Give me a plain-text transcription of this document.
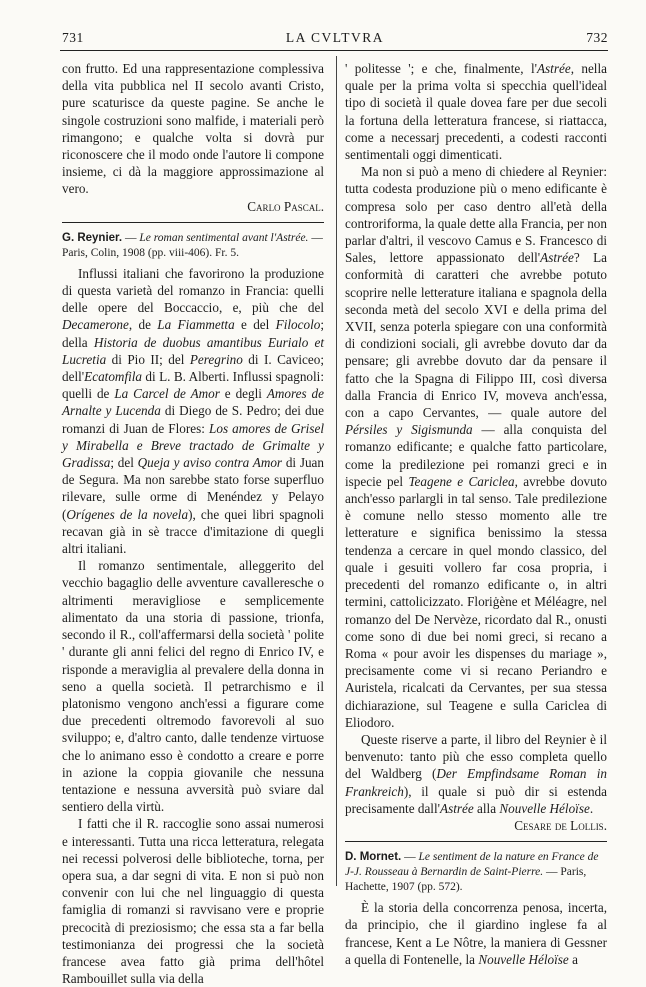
731	LA CVLTVRA	732

con frutto. Ed una rappresentazione complessiva della vita pubblica nel II secolo avanti Cristo, pure scaturisce da queste pagine. Se anche le singole costruzioni sono malfide, i materiali però rimangono; e qualche volta si dovrà pur riconoscere che il modo onde l'autore li compone insieme, ci dà la maggiore approssimazione al vero.

Carlo Pascal.

G. Reynier. — Le roman sentimental avant l'Astrée. — Paris, Colin, 1908 (pp. viii-406). Fr. 5.

Influssi italiani che favorirono la produzione di questa varietà del romanzo in Francia: quelli delle opere del Boccaccio, e, più che del Decamerone, de La Fiammetta e del Filocolo; della Historia de duobus amantibus Eurialo et Lucretia di Pio II; del Peregrino di I. Caviceo; dell'Ecatomfila di L. B. Alberti. Influssi spagnoli: quelli de La Carcel de Amor e degli Amores de Arnalte y Lucenda di Diego de S. Pedro; dei due romanzi di Juan de Flores: Los amores de Grisel y Mirabella e Breve tractado de Grimalte y Gradissa; del Queja y aviso contra Amor di Juan de Segura. Ma non sarebbe stato forse superfluo rilevare, sulle orme di Menéndez y Pelayo (Orígenes de la novela), che quei libri spagnoli recavan già in sè tracce d'imitazione di quegli altri italiani.

Il romanzo sentimentale, alleggerito del vecchio bagaglio delle avventure cavalleresche o altrimenti meravigliose e semplicemente alimentato da una storia di passione, trionfa, secondo il R., coll'affermarsi della società ' polite ' durante gli anni felici del regno di Enrico IV, e risponde a meraviglia al prevalere della donna in seno a quella società. Il petrarchismo e il platonismo vengono anch'essi a figurare come due precedenti oltremodo favorevoli al suo sviluppo; e, d'altro canto, dalle tendenze virtuose che lo animano esso è condotto a creare e porre in azione la coppia giovanile che nessuna tentazione e nessuna avversità può sviare dal sentiero della virtù.

I fatti che il R. raccoglie sono assai numerosi e interessanti. Tutta una ricca letteratura, relegata nei recessi polverosi delle biblioteche, torna, per opera sua, a dar segni di vita. E non si può non convenir con lui che nel linguaggio di questa famiglia di romanzi si ravvisano vere e proprie precocità di preziosismo; che essa sta a far bella testimonianza dei progressi che la società francese avea fatto già prima dell'hôtel Rambouillet sulla via della

' politesse '; e che, finalmente, l'Astrée, nella quale per la prima volta si specchia quell'ideal tipo di società il quale dovea fare per due secoli la fortuna della letteratura francese, si riattacca, come a necessarj precedenti, a codesti racconti sentimentali oggi dimenticati.

Ma non si può a meno di chiedere al Reynier: tutta codesta produzione più o meno edificante è compresa solo per caso dentro all'età della controriforma, la quale dette alla Francia, per non parlar d'altri, il vescovo Camus e S. Francesco di Sales, lettore appassionato dell'Astrée? La conformità di caratteri che avrebbe potuto scoprire nelle letterature italiana e spagnola della seconda metà del secolo XVI e della prima del XVII, senza poterla spiegare con una conformità di condizioni sociali, gli avrebbe dovuto dar da pensare; gli avrebbe dovuto dar da pensare il fatto che la Spagna di Filippo III, così diversa dalla Francia di Enrico IV, moveva anch'essa, con a capo Cervantes, — quale autore del Pérsiles y Sigismunda — alla conquista del romanzo edificante; e qualche fatto particolare, come la predilezione pei romanzi greci e in ispecie pel Teagene e Cariclea, avrebbe dovuto anch'esso parlargli in tal senso. Tale predilezione è comune nello stesso momento alle tre letterature e significa benissimo la stessa tendenza a cercare in quel mondo classico, del quale i gesuiti vollero far cosa propria, i precedenti del romanzo edificante o, in altri termini, cattolicizzato. Floriġène et Méléagre, nel romanzo del De Nervèze, ricordato dal R., onusti come sono di due bei nomi greci, si recano a Roma « pour avoir les dispenses du mariage », precisamente come vi si recano Periandro e Auristela, ricalcati da Cervantes, per sua stessa dichiarazione, sul Teagene e sulla Cariclea di Eliodoro.

Queste riserve a parte, il libro del Reynier è il benvenuto: tanto più che esso completa quello del Waldberg (Der Empfindsame Roman in Frankreich), il quale si può dir si estenda precisamente dall'Astrée alla Nouvelle Héloïse.

Cesare de Lollis.

D. Mornet. — Le sentiment de la nature en France de J-J. Rousseau à Bernardin de Saint-Pierre. — Paris, Hachette, 1907 (pp. 572).

È la storia della concorrenza penosa, incerta, da principio, che il giardino inglese fa al francese, Kent a Le Nôtre, la maniera di Gessner a quella di Fontenelle, la Nouvelle Héloïse a
